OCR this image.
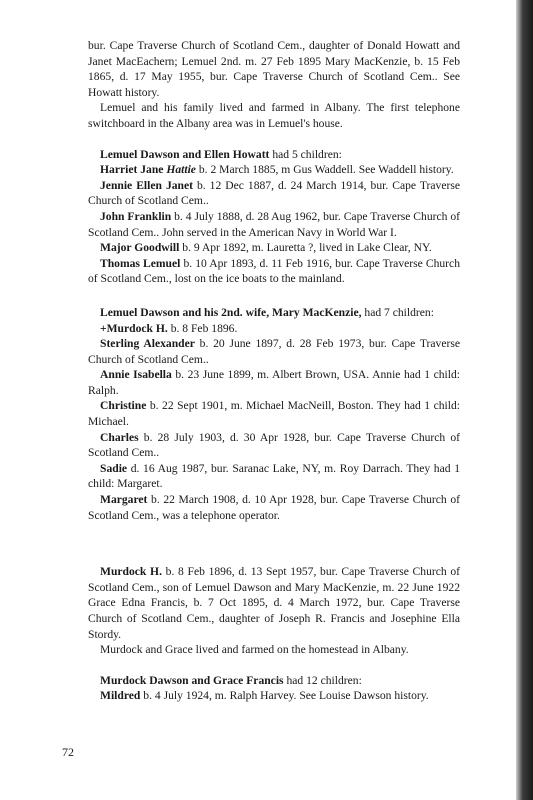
bur. Cape Traverse Church of Scotland Cem., daughter of Donald Howatt and Janet MacEachern; Lemuel 2nd. m. 27 Feb 1895 Mary MacKenzie, b. 15 Feb 1865, d. 17 May 1955, bur. Cape Traverse Church of Scotland Cem.. See Howatt history.

Lemuel and his family lived and farmed in Albany. The first telephone switchboard in the Albany area was in Lemuel's house.

Lemuel Dawson and Ellen Howatt had 5 children:

Harriet Jane Hattie b. 2 March 1885, m Gus Waddell. See Waddell history.

Jennie Ellen Janet b. 12 Dec 1887, d. 24 March 1914, bur. Cape Traverse Church of Scotland Cem..

John Franklin b. 4 July 1888, d. 28 Aug 1962, bur. Cape Traverse Church of Scotland Cem.. John served in the American Navy in World War I.

Major Goodwill b. 9 Apr 1892, m. Lauretta ?, lived in Lake Clear, NY.

Thomas Lemuel b. 10 Apr 1893, d. 11 Feb 1916, bur. Cape Traverse Church of Scotland Cem., lost on the ice boats to the mainland.

Lemuel Dawson and his 2nd. wife, Mary MacKenzie, had 7 children:

+Murdock H. b. 8 Feb 1896.

Sterling Alexander b. 20 June 1897, d. 28 Feb 1973, bur. Cape Traverse Church of Scotland Cem..

Annie Isabella b. 23 June 1899, m. Albert Brown, USA. Annie had 1 child: Ralph.

Christine b. 22 Sept 1901, m. Michael MacNeill, Boston. They had 1 child: Michael.

Charles b. 28 July 1903, d. 30 Apr 1928, bur. Cape Traverse Church of Scotland Cem..

Sadie d. 16 Aug 1987, bur. Saranac Lake, NY, m. Roy Darrach. They had 1 child: Margaret.

Margaret b. 22 March 1908, d. 10 Apr 1928, bur. Cape Traverse Church of Scotland Cem., was a telephone operator.

Murdock H. b. 8 Feb 1896, d. 13 Sept 1957, bur. Cape Traverse Church of Scotland Cem., son of Lemuel Dawson and Mary MacKenzie, m. 22 June 1922 Grace Edna Francis, b. 7 Oct 1895, d. 4 March 1972, bur. Cape Traverse Church of Scotland Cem., daughter of Joseph R. Francis and Josephine Ella Stordy.

Murdock and Grace lived and farmed on the homestead in Albany.

Murdock Dawson and Grace Francis had 12 children:

Mildred b. 4 July 1924, m. Ralph Harvey. See Louise Dawson history.

72
